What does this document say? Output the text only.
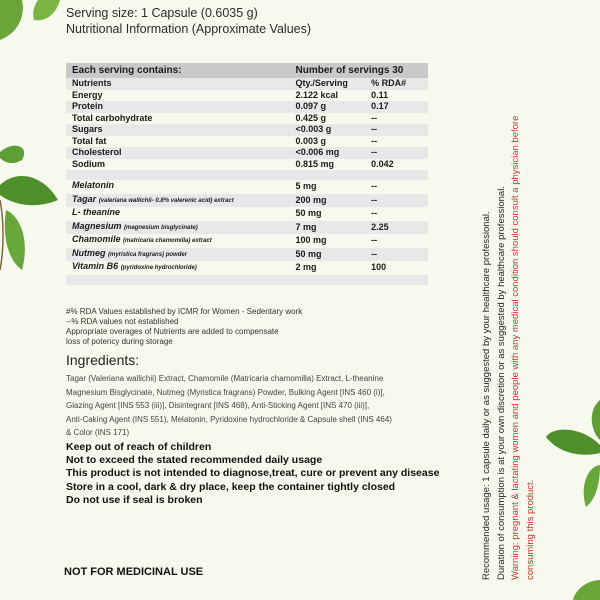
Serving size: 1 Capsule (0.6035 g)
Nutritional Information (Approximate Values)
Each serving contains:	Number of servings 30	
Nutrients	Qty./Serving	% RDA#
Energy	2.122 kcal	0.11
Protein	0.097 g	0.17
Total carbohydrate	0.425 g	--
Sugars	<0.003 g	--
Total fat	0.003 g	--
Cholesterol	<0.006 mg	--
Sodium	0.815 mg	0.042

Melatonin	5 mg	--
Tagar (valeriana wallichii- 0.8% valerenic acid) extract	200 mg	--
L- theanine	50 mg	--
Magnesium (magnesium bisglycinate)	7 mg	2.25
Chamomile (matricaria chamomilla) extract	100 mg	--
Nutmeg (myristica fragrans) powder	50 mg	--
Vitamin B6 (pyridoxine hydrochloride)	2 mg	100

#% RDA Values established by ICMR for Women - Sedentary work
--% RDA values not established
Appropriate overages of Nutrients are added to compensate
loss of potency during storage
Ingredients:
Tagar (Valeriana wallichii) Extract, Chamomile (Matricaria chamomilla) Extract, L-theanine
Magnesium Bisglycinate, Nutmeg (Myristica fragrans) Powder, Bulking Agent [INS 460 (i)],
Glazing Agent [INS 553 (iii)], Disintegrant [INS 468), Anti-Sticking Agent [INS 470 (iii)],
Anti-Caking Agent (INS 551), Melatonin, Pyridoxine hydrochloride & Capsule shell (INS 464)
& Color (INS 171)
Keep out of reach of children
Not to exceed the stated recommended daily usage
This product is not intended to diagnose,treat, cure or prevent any disease
Store in a cool, dark & dry place, keep the container tightly closed
Do not use if seal is broken
NOT FOR MEDICINAL USE	Recommended usage: 1 capsule daily or as suggested by your healthcare professional. Duration of consumption is at your own discretion or as suggested by healthcare professional. Warning: pregnant & lactating women and people with any medical condition should consult a physician before consuming this product.
